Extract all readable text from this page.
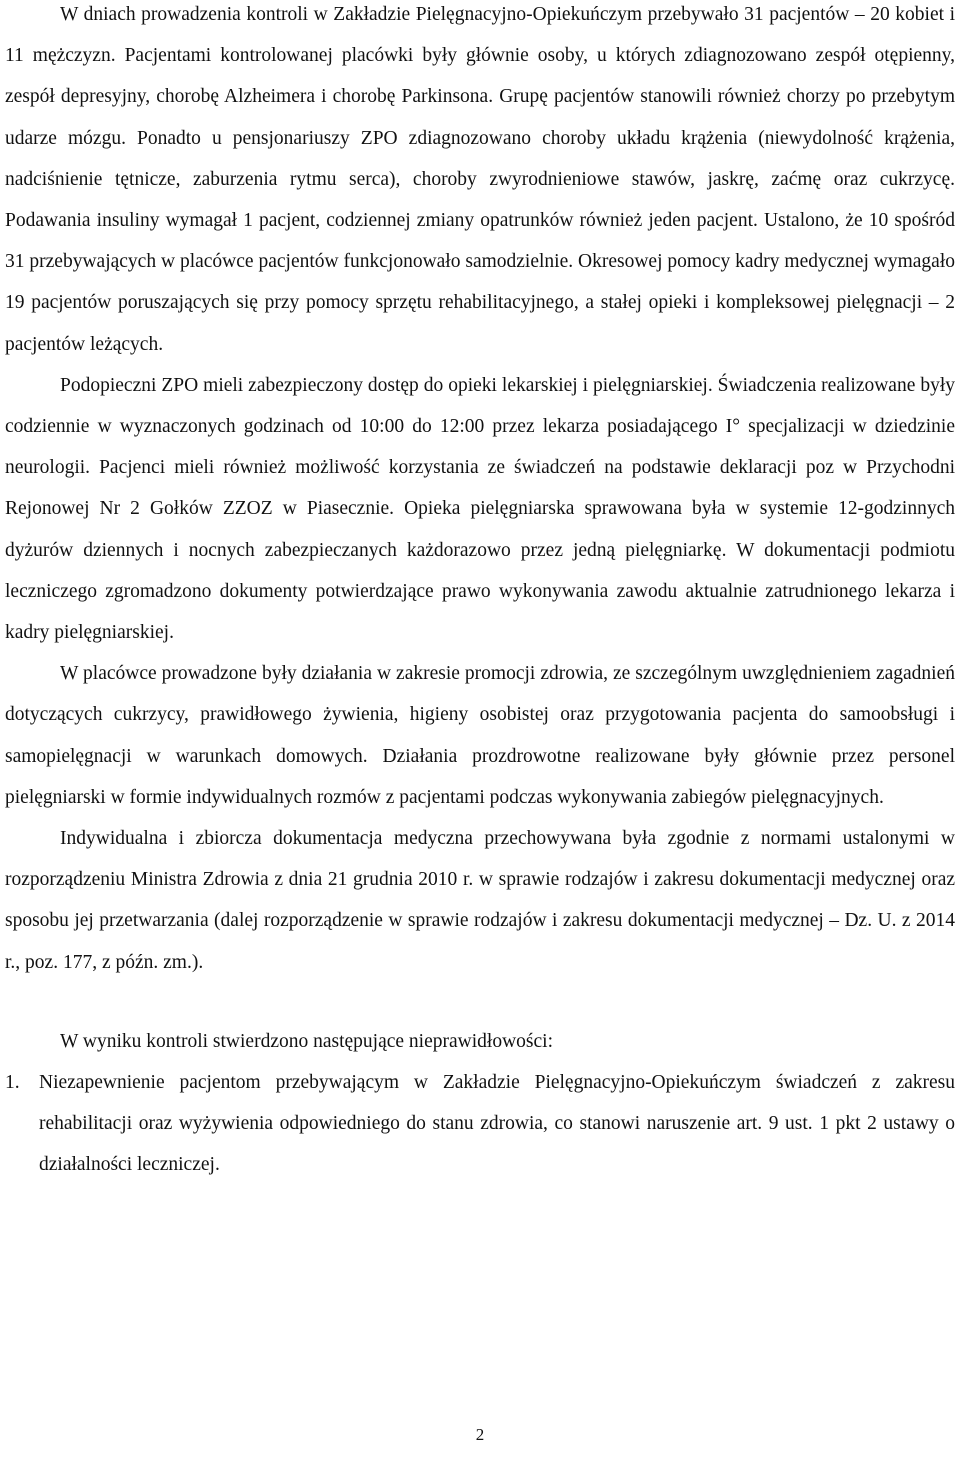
W dniach prowadzenia kontroli w Zakładzie Pielęgnacyjno-Opiekuńczym przebywało 31 pacjentów – 20 kobiet i 11 mężczyzn. Pacjentami kontrolowanej placówki były głównie osoby, u których zdiagnozowano zespół otępienny, zespół depresyjny, chorobę Alzheimera i chorobę Parkinsona. Grupę pacjentów stanowili również chorzy po przebytym udarze mózgu. Ponadto u pensjonariuszy ZPO zdiagnozowano choroby układu krążenia (niewydolność krążenia, nadciśnienie tętnicze, zaburzenia rytmu serca), choroby zwyrodnieniowe stawów, jaskrę, zaćmę oraz cukrzycę. Podawania insuliny wymagał 1 pacjent, codziennej zmiany opatrunków również jeden pacjent. Ustalono, że 10 spośród 31 przebywających w placówce pacjentów funkcjonowało samodzielnie. Okresowej pomocy kadry medycznej wymagało 19 pacjentów poruszających się przy pomocy sprzętu rehabilitacyjnego, a stałej opieki i kompleksowej pielęgnacji – 2 pacjentów leżących.

Podopieczni ZPO mieli zabezpieczony dostęp do opieki lekarskiej i pielęgniarskiej. Świadczenia realizowane były codziennie w wyznaczonych godzinach od 10:00 do 12:00 przez lekarza posiadającego I° specjalizacji w dziedzinie neurologii. Pacjenci mieli również możliwość korzystania ze świadczeń na podstawie deklaracji poz w Przychodni Rejonowej Nr 2 Gołków ZZOZ w Piasecznie. Opieka pielęgniarska sprawowana była w systemie 12-godzinnych dyżurów dziennych i nocnych zabezpieczanych każdorazowo przez jedną pielęgniarkę. W dokumentacji podmiotu leczniczego zgromadzono dokumenty potwierdzające prawo wykonywania zawodu aktualnie zatrudnionego lekarza i kadry pielęgniarskiej.

W placówce prowadzone były działania w zakresie promocji zdrowia, ze szczególnym uwzględnieniem zagadnień dotyczących cukrzycy, prawidłowego żywienia, higieny osobistej oraz przygotowania pacjenta do samoobsługi i samopielęgnacji w warunkach domowych. Działania prozdrowotne realizowane były głównie przez personel pielęgniarski w formie indywidualnych rozmów z pacjentami podczas wykonywania zabiegów pielęgnacyjnych.

Indywidualna i zbiorcza dokumentacja medyczna przechowywana była zgodnie z normami ustalonymi w rozporządzeniu Ministra Zdrowia z dnia 21 grudnia 2010 r. w sprawie rodzajów i zakresu dokumentacji medycznej oraz sposobu jej przetwarzania (dalej rozporządzenie w sprawie rodzajów i zakresu dokumentacji medycznej – Dz. U. z 2014 r., poz. 177, z późn. zm.).

W wyniku kontroli stwierdzono następujące nieprawidłowości:

1. Niezapewnienie pacjentom przebywającym w Zakładzie Pielęgnacyjno-Opiekuńczym świadczeń z zakresu rehabilitacji oraz wyżywienia odpowiedniego do stanu zdrowia, co stanowi naruszenie art. 9 ust. 1 pkt 2 ustawy o działalności leczniczej.
2
